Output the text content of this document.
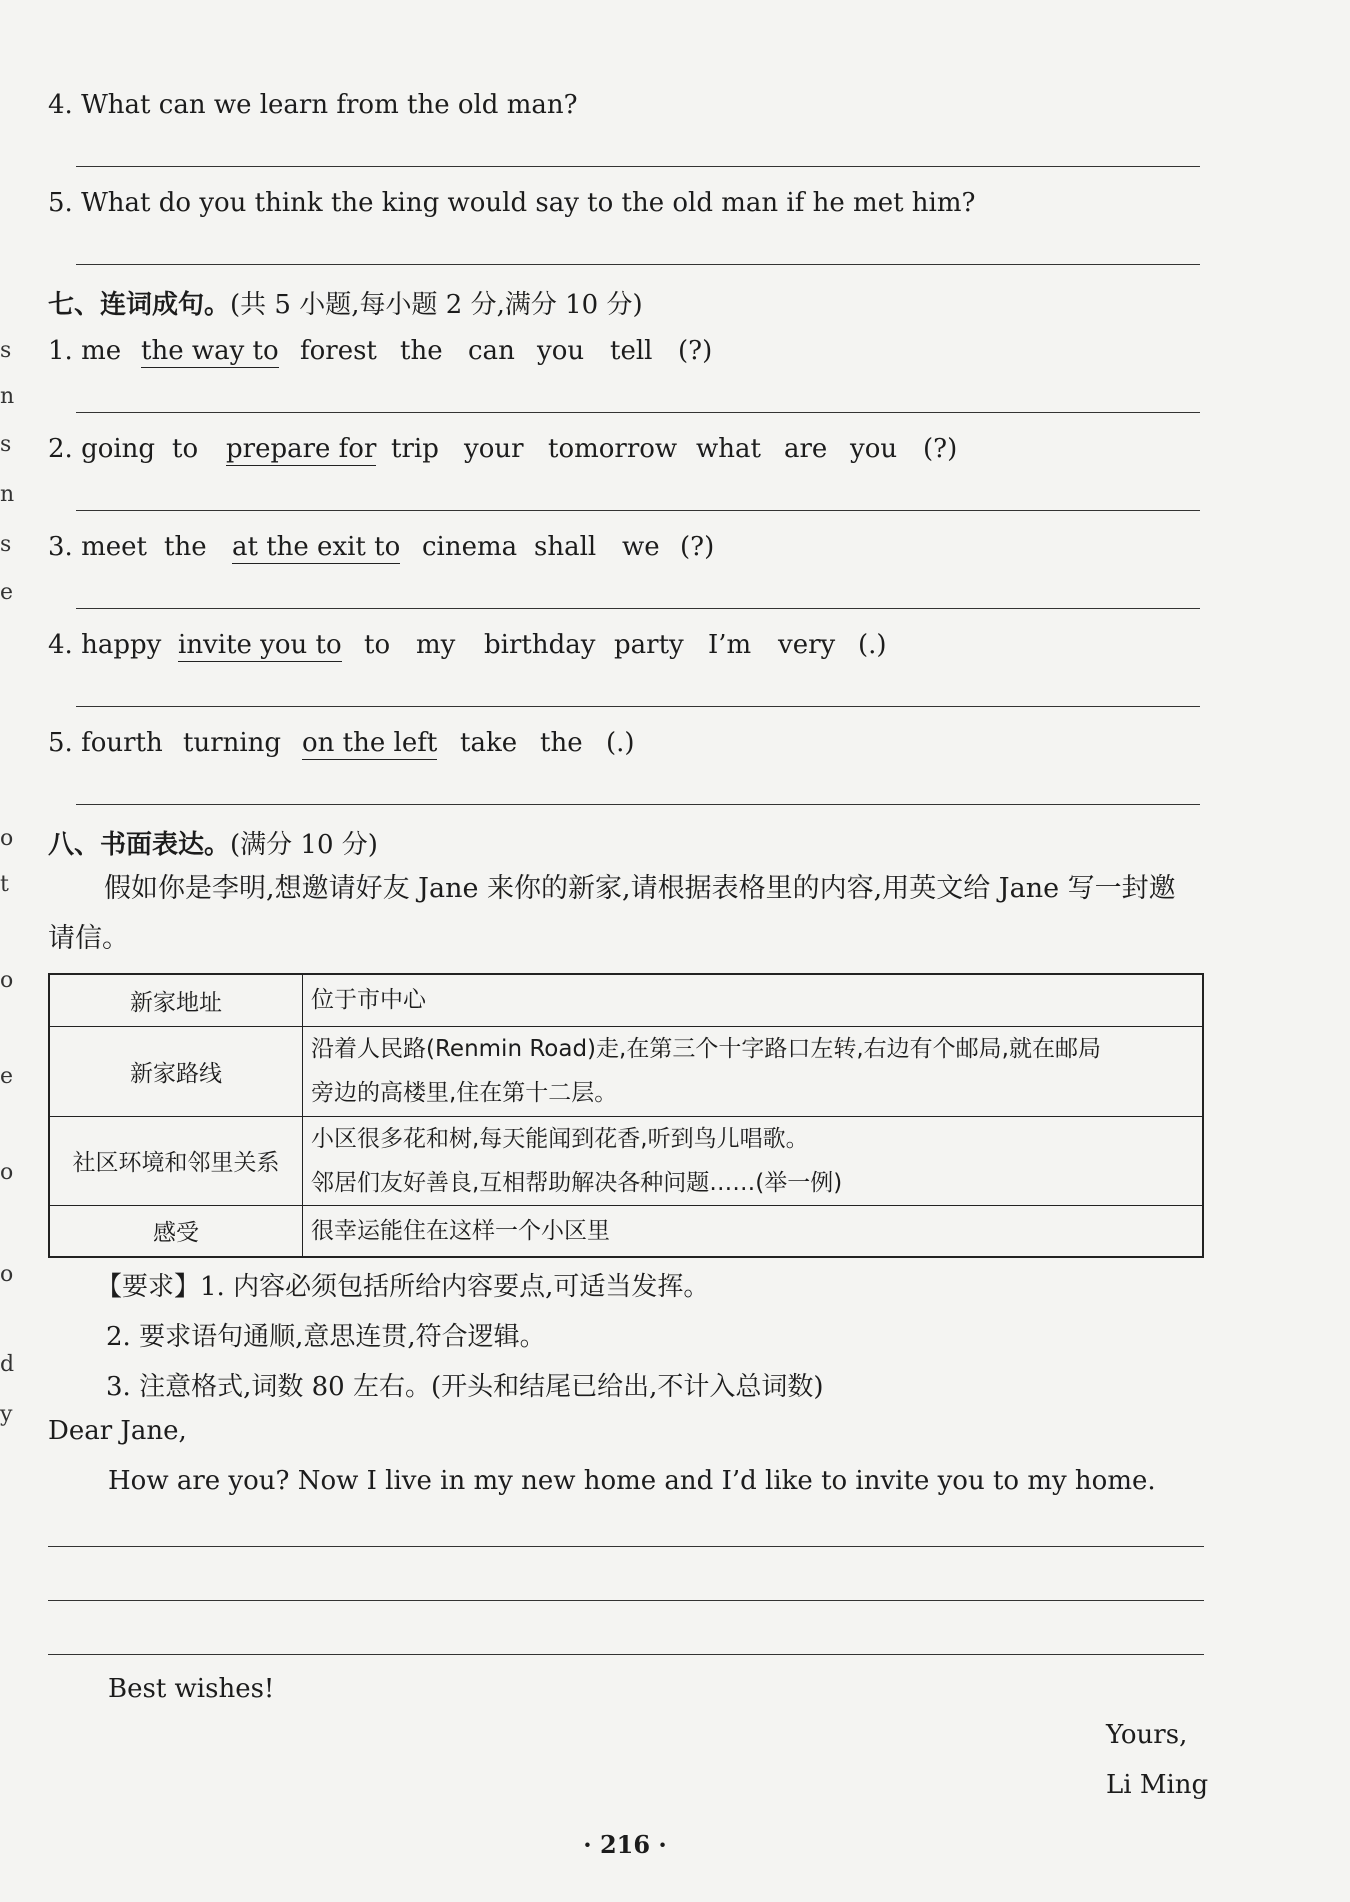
4. What can we learn from the old man?
5. What do you think the king would say to the old man if he met him?
七、连词成句。(共 5 小题,每小题 2 分,满分 10 分)
1. me the way to forest the can you tell (?)
2. going to prepare for trip your tomorrow what are you (?)
3. meet the at the exit to cinema shall we (?)
4. happy invite you to to my birthday party I’m very (.)
5. fourth turning on the left take the (.)
八、书面表达。(满分 10 分)
假如你是李明,想邀请好友 Jane 来你的新家,请根据表格里的内容,用英文给 Jane 写一封邀请信。
新家地址	位于市中心

新家路线	沿着人民路(Renmin Road)走,在第三个十字路口左转,右边有个邮局,就在邮局
旁边的高楼里,住在第十二层。

社区环境和邻里关系	小区很多花和树,每天能闻到花香,听到鸟儿唱歌。
邻居们友好善良,互相帮助解决各种问题……(举一例)

感受	很幸运能住在这样一个小区里
【要求】1. 内容必须包括所给内容要点,可适当发挥。
2. 要求语句通顺,意思连贯,符合逻辑。
3. 注意格式,词数 80 左右。(开头和结尾已给出,不计入总词数)
Dear Jane,
How are you? Now I live in my new home and I’d like to invite you to my home.
Best wishes!
Yours,
Li Ming
· 216 ·
s
n
s
n
s
e
o
t
o
e
o
o
d
y
